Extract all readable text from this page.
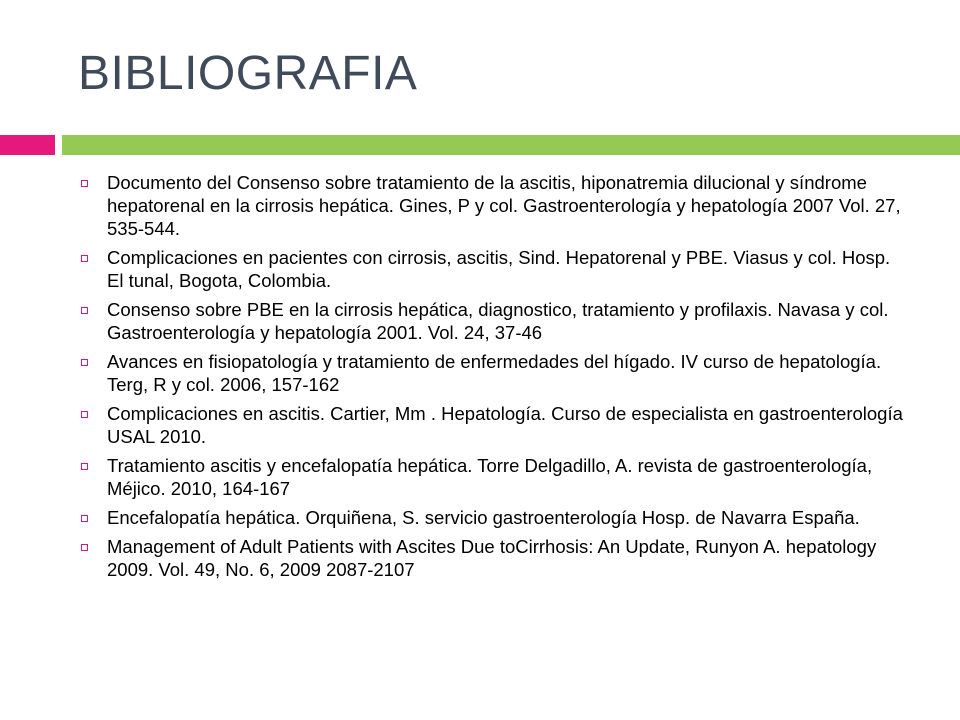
BIBLIOGRAFIA
Documento del Consenso sobre tratamiento de la ascitis, hiponatremia dilucional y síndrome hepatorenal en la cirrosis hepática. Gines, P y col. Gastroenterología y hepatología 2007 Vol. 27, 535-544.
Complicaciones en pacientes con cirrosis, ascitis, Sind. Hepatorenal y PBE. Viasus y col. Hosp. El tunal, Bogota, Colombia.
Consenso sobre PBE en la cirrosis hepática, diagnostico, tratamiento y profilaxis. Navasa y col. Gastroenterología y hepatología 2001. Vol. 24, 37-46
Avances en fisiopatología y tratamiento de enfermedades del hígado. IV curso de hepatología. Terg, R y col. 2006, 157-162
Complicaciones en ascitis. Cartier, Mm . Hepatología. Curso de especialista en gastroenterología USAL 2010.
Tratamiento ascitis y encefalopatía hepática. Torre Delgadillo, A. revista de gastroenterología, Méjico. 2010, 164-167
Encefalopatía hepática. Orquiñena, S. servicio gastroenterología Hosp. de Navarra España.
Management of Adult Patients with Ascites Due toCirrhosis: An Update, Runyon A. hepatology 2009. Vol. 49, No. 6, 2009 2087-2107
